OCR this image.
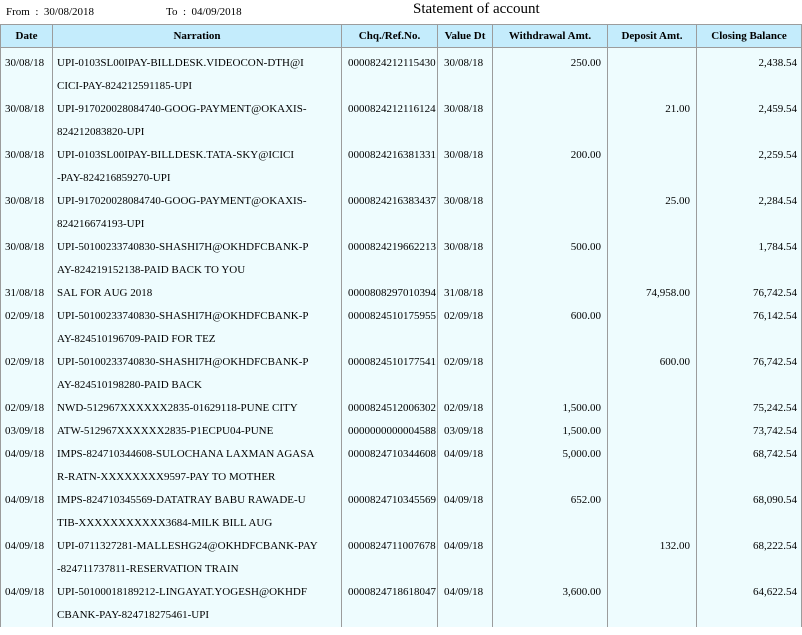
From  :  30/08/2018	To  :  04/09/2018	Statement of account
Date	Narration	Chq./Ref.No.	Value Dt	Withdrawal Amt.	Deposit Amt.	Closing Balance
30/08/18	UPI-0103SL00IPAY-BILLDESK.VIDEOCON-DTH@I
CICI-PAY-824212591185-UPI	0000824212115430	30/08/18	250.00		2,438.54
30/08/18	UPI-917020028084740-GOOG-PAYMENT@OKAXIS-
824212083820-UPI	0000824212116124	30/08/18		21.00	2,459.54
30/08/18	UPI-0103SL00IPAY-BILLDESK.TATA-SKY@ICICI
-PAY-824216859270-UPI	0000824216381331	30/08/18	200.00		2,259.54
30/08/18	UPI-917020028084740-GOOG-PAYMENT@OKAXIS-
824216674193-UPI	0000824216383437	30/08/18		25.00	2,284.54
30/08/18	UPI-50100233740830-SHASHI7H@OKHDFCBANK-P
AY-824219152138-PAID BACK TO YOU	0000824219662213	30/08/18	500.00		1,784.54
31/08/18	SAL FOR AUG 2018	0000808297010394	31/08/18		74,958.00	76,742.54
02/09/18	UPI-50100233740830-SHASHI7H@OKHDFCBANK-P
AY-824510196709-PAID FOR TEZ	0000824510175955	02/09/18	600.00		76,142.54
02/09/18	UPI-50100233740830-SHASHI7H@OKHDFCBANK-P
AY-824510198280-PAID BACK	0000824510177541	02/09/18		600.00	76,742.54
02/09/18	NWD-512967XXXXXX2835-01629118-PUNE CITY	0000824512006302	02/09/18	1,500.00		75,242.54
03/09/18	ATW-512967XXXXXX2835-P1ECPU04-PUNE	0000000000004588	03/09/18	1,500.00		73,742.54
04/09/18	IMPS-824710344608-SULOCHANA LAXMAN AGASA
R-RATN-XXXXXXXX9597-PAY TO MOTHER	0000824710344608	04/09/18	5,000.00		68,742.54
04/09/18	IMPS-824710345569-DATATRAY BABU RAWADE-U
TIB-XXXXXXXXXXX3684-MILK BILL AUG	0000824710345569	04/09/18	652.00		68,090.54
04/09/18	UPI-0711327281-MALLESHG24@OKHDFCBANK-PAY
-824711737811-RESERVATION TRAIN	0000824711007678	04/09/18		132.00	68,222.54
04/09/18	UPI-50100018189212-LINGAYAT.YOGESH@OKHDF
CBANK-PAY-824718275461-UPI	0000824718618047	04/09/18	3,600.00		64,622.54
